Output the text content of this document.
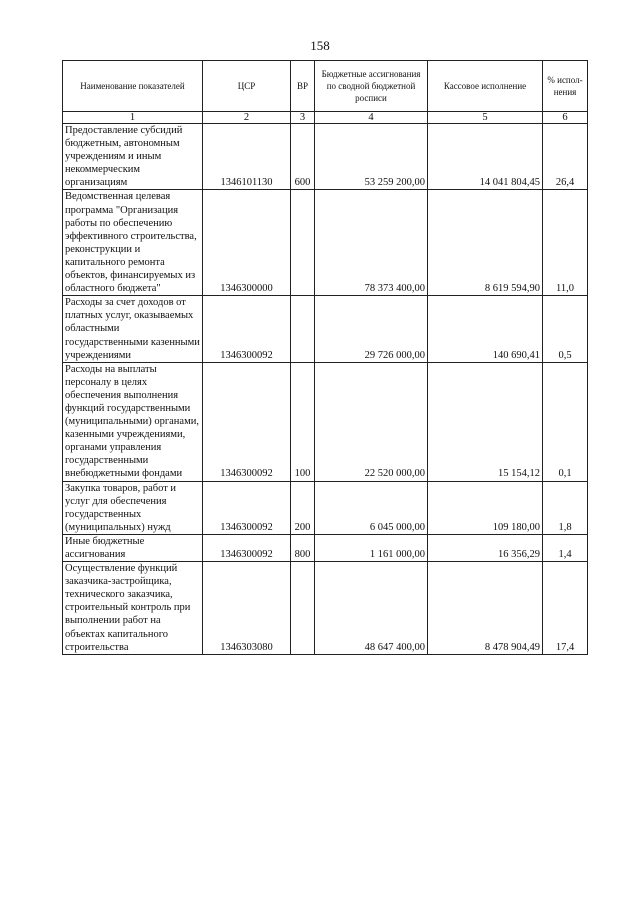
158
Наименование показателей	ЦСР	ВР	Бюджетные ассигнования по сводной бюджетной росписи	Кассовое исполнение	% испол-нения
1	2	3	4	5	6
Предоставление субсидий бюджетным, автономным учреждениям и иным некоммерческим организациям	1346101130	600	53 259 200,00	14 041 804,45	26,4
Ведомственная целевая программа "Организация работы по обеспечению эффективного строительства, реконструкции и капитального ремонта объектов, финансируемых из областного бюджета"	1346300000		78 373 400,00	8 619 594,90	11,0
Расходы за счет доходов от платных услуг, оказываемых областными государственными казенными учреждениями	1346300092		29 726 000,00	140 690,41	0,5
Расходы на выплаты персоналу в целях обеспечения выполнения функций государственными (муниципальными) органами, казенными учреждениями, органами управления государственными внебюджетными фондами	1346300092	100	22 520 000,00	15 154,12	0,1
Закупка товаров, работ и услуг для обеспечения государственных (муниципальных) нужд	1346300092	200	6 045 000,00	109 180,00	1,8
Иные бюджетные ассигнования	1346300092	800	1 161 000,00	16 356,29	1,4
Осуществление функций заказчика-застройщика, технического заказчика, строительный контроль при выполнении работ на объектах капитального строительства	1346303080		48 647 400,00	8 478 904,49	17,4
